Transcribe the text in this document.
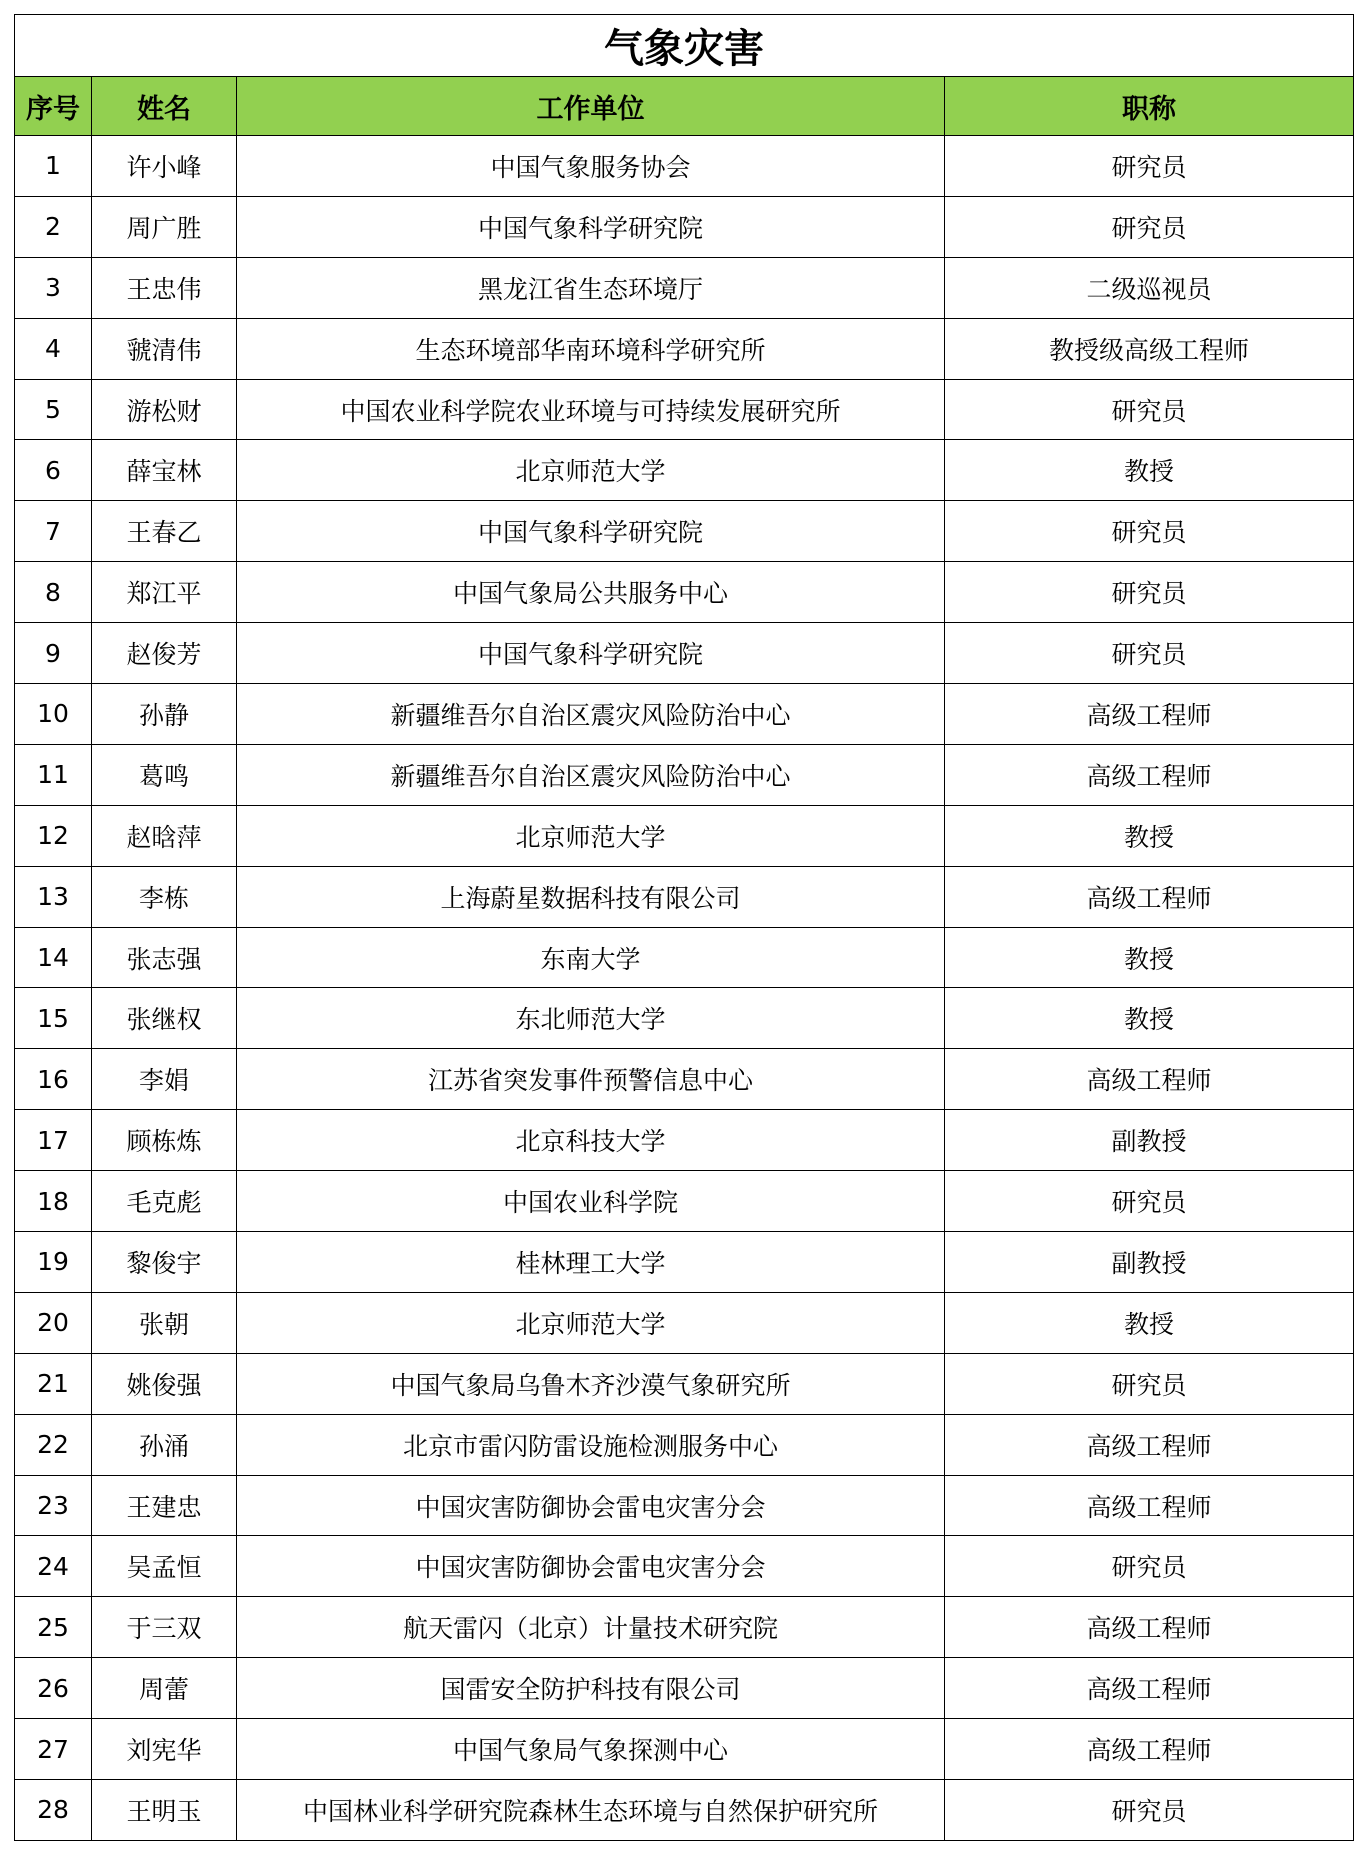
气象灾害			
序号	姓名	工作单位	职称
1	许小峰	中国气象服务协会	研究员
2	周广胜	中国气象科学研究院	研究员
3	王忠伟	黑龙江省生态环境厅	二级巡视员
4	虢清伟	生态环境部华南环境科学研究所	教授级高级工程师
5	游松财	中国农业科学院农业环境与可持续发展研究所	研究员
6	薛宝林	北京师范大学	教授
7	王春乙	中国气象科学研究院	研究员
8	郑江平	中国气象局公共服务中心	研究员
9	赵俊芳	中国气象科学研究院	研究员
10	孙静	新疆维吾尔自治区震灾风险防治中心	高级工程师
11	葛鸣	新疆维吾尔自治区震灾风险防治中心	高级工程师
12	赵晗萍	北京师范大学	教授
13	李栋	上海蔚星数据科技有限公司	高级工程师
14	张志强	东南大学	教授
15	张继权	东北师范大学	教授
16	李娟	江苏省突发事件预警信息中心	高级工程师
17	顾栋炼	北京科技大学	副教授
18	毛克彪	中国农业科学院	研究员
19	黎俊宇	桂林理工大学	副教授
20	张朝	北京师范大学	教授
21	姚俊强	中国气象局乌鲁木齐沙漠气象研究所	研究员
22	孙涌	北京市雷闪防雷设施检测服务中心	高级工程师
23	王建忠	中国灾害防御协会雷电灾害分会	高级工程师
24	吴孟恒	中国灾害防御协会雷电灾害分会	研究员
25	于三双	航天雷闪（北京）计量技术研究院	高级工程师
26	周蕾	国雷安全防护科技有限公司	高级工程师
27	刘宪华	中国气象局气象探测中心	高级工程师
28	王明玉	中国林业科学研究院森林生态环境与自然保护研究所	研究员
